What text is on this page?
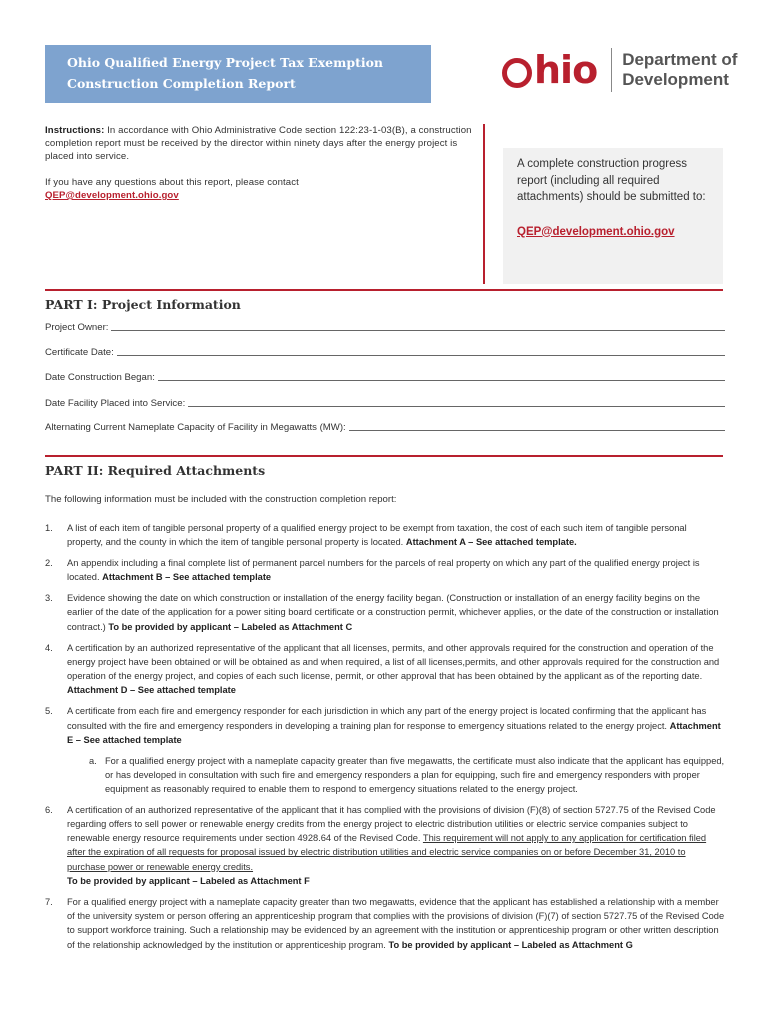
Ohio Qualified Energy Project Tax Exemption
Construction Completion Report	hio Department of
Development
Instructions: In accordance with Ohio Administrative Code section 122:23-1-03(B), a construction completion report must be received by the director within ninety days after the energy project is placed into service.
If you have any questions about this report, please contact
QEP@development.ohio.gov
A complete construction progress report (including all required attachments) should be submitted to:
QEP@development.ohio.gov
PART I: Project Information
Project Owner:
Certificate Date:
Date Construction Began:
Date Facility Placed into Service:
Alternating Current Nameplate Capacity of Facility in Megawatts (MW):
PART II: Required Attachments
The following information must be included with the construction completion report:
1.	A list of each item of tangible personal property of a qualified energy project to be exempt from taxation, the cost of each such item of tangible personal property, and the county in which the item of tangible personal property is located. Attachment A – See attached template.
2.	An appendix including a final complete list of permanent parcel numbers for the parcels of real property on which any part of the qualified energy project is located. Attachment B – See attached template
3.	Evidence showing the date on which construction or installation of the energy facility began. (Construction or installation of an energy facility begins on the earlier of the date of the application for a power siting board certificate or a construction permit, whichever applies, or the date of the construction or installation contract.) To be provided by applicant – Labeled as Attachment C
4.	A certification by an authorized representative of the applicant that all licenses, permits, and other approvals required for the construction and operation of the energy project have been obtained or will be obtained as and when required, a list of all licenses,permits, and other approvals required for the construction and operation of the energy project, and copies of each such license, permit, or other approval that has been obtained by the applicant as of the reporting date. Attachment D – See attached template
5.	A certificate from each fire and emergency responder for each jurisdiction in which any part of the energy project is located confirming that the applicant has consulted with the fire and emergency responders in developing a training plan for response to emergency situations related to the energy project. Attachment E – See attached template
a. For a qualified energy project with a nameplate capacity greater than five megawatts, the certificate must also indicate that the applicant has equipped, or has developed in consultation with such fire and emergency responders a plan for equipping, such fire and emergency responders with proper equipment as reasonably required to enable them to respond to emergency situations related to the energy project.
6.	A certification of an authorized representative of the applicant that it has complied with the provisions of division (F)(8) of section 5727.75 of the Revised Code regarding offers to sell power or renewable energy credits from the energy project to electric distribution utilities or electric service companies subject to renewable energy resource requirements under section 4928.64 of the Revised Code. This requirement will not apply to any application for certification filed after the expiration of all requests for proposal issued by electric distribution utilities and electric service companies on or before December 31, 2010 to purchase power or renewable energy credits.
To be provided by applicant – Labeled as Attachment F
7.	For a qualified energy project with a nameplate capacity greater than two megawatts, evidence that the applicant has established a relationship with a member of the university system or person offering an apprenticeship program that complies with the provisions of division (F)(7) of section 5727.75 of the Revised Code to support workforce training. Such a relationship may be evidenced by an agreement with the institution or apprenticeship program or other written description of the relationship acknowledged by the institution or apprenticeship program. To be provided by applicant – Labeled as Attachment G
